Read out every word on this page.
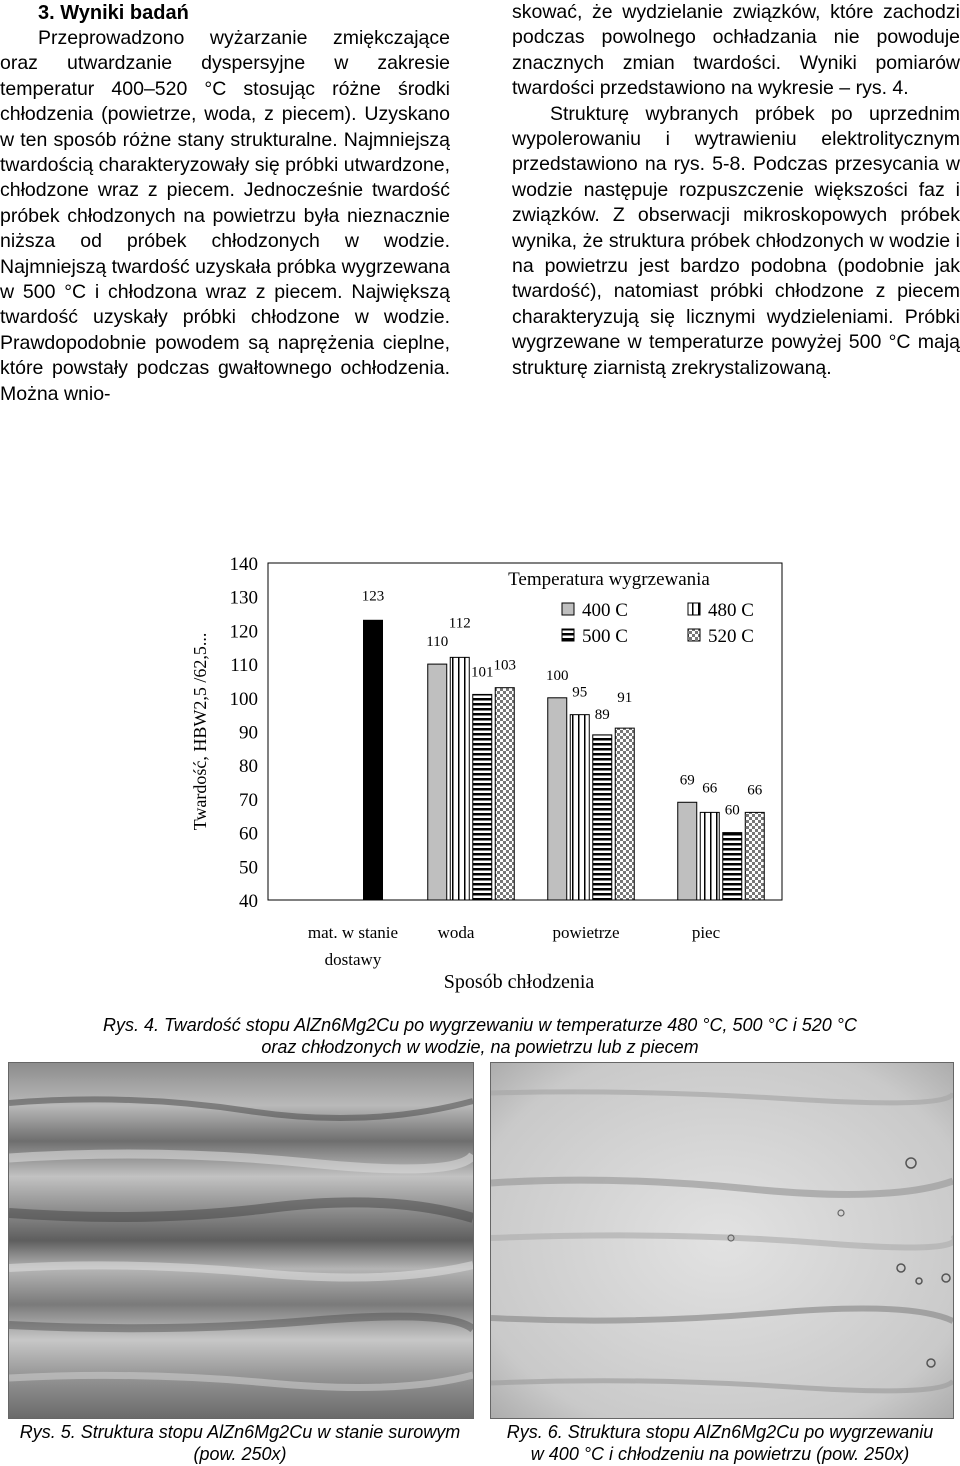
3. Wyniki badań

Przeprowadzono wyżarzanie zmiękczające oraz utwardzanie dyspersyjne w zakresie temperatur 400–520 °C stosując różne środki chłodzenia (powietrze, woda, z piecem). Uzyskano w ten sposób różne stany strukturalne. Najmniejszą twardością charakteryzowały się próbki utwardzone, chłodzone wraz z piecem. Jednocześnie twardość próbek chłodzonych na powietrzu była nieznacznie niższa od próbek chłodzonych w wodzie. Najmniejszą twardość uzyskała próbka wygrzewana w 500 °C i chłodzona wraz z piecem. Największą twardość uzyskały próbki chłodzone w wodzie. Prawdopodobnie powodem są naprężenia cieplne, które powstały podczas gwałtownego ochłodzenia. Można wnio-

skować, że wydzielanie związków, które zachodzi podczas powolnego ochładzania nie powoduje znacznych zmian twardości. Wyniki pomiarów twardości przedstawiono na wykresie – rys. 4.

Strukturę wybranych próbek po uprzednim wypolerowaniu i wytrawieniu elektrolitycznym przedstawiono na rys. 5-8. Podczas przesycania w wodzie następuje rozpuszczenie większości faz i związków. Z obserwacji mikroskopowych próbek wynika, że struktura próbek chłodzonych w wodzie i na powietrzu jest bardzo podobna (podobnie jak twardość), natomiast próbki chłodzone z piecem charakteryzują się licznymi wydzieleniami. Próbki wygrzewane w temperaturze powyżej 500 °C mają strukturę ziarnistą zrekrystalizowaną.

40
50
60
70
80
90
100
110
120
130
140
Twardość, HBW2,5 /62,5...
mat. w stanie
dostawy
woda	powietrze	piec
Sposób chłodzenia
123
110
112
101 103
100
95
89
91
69
66
60
66
Temperatura wygrzewania
400 C	480 C
500 C	520 C
Rys. 4. Twardość stopu AlZn6Mg2Cu po wygrzewaniu w temperaturze 480 °C, 500 °C i 520 °C
oraz chłodzonych w wodzie, na powietrzu lub z piecem
Rys. 5. Struktura stopu AlZn6Mg2Cu w stanie surowym
(pow. 250x)
Rys. 6. Struktura stopu AlZn6Mg2Cu po wygrzewaniu
w 400 °C i chłodzeniu na powietrzu (pow. 250x)
